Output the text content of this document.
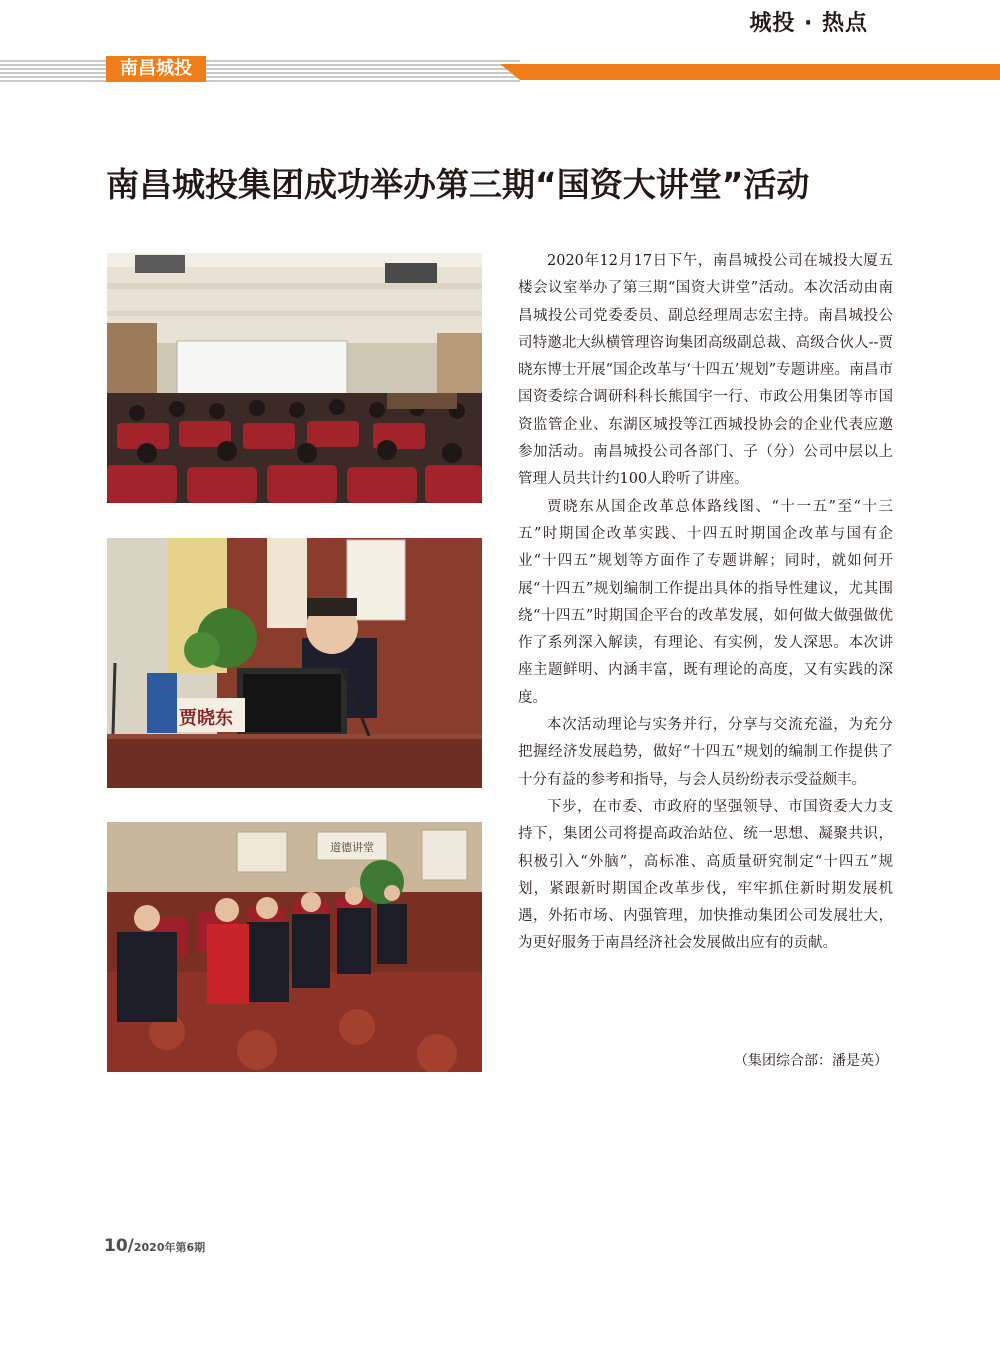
城投 · 热点
南昌城投
南昌城投集团成功举办第三期“国资大讲堂”活动
贾晓东
道德讲堂

2020年12月17日下午，南昌城投公司在城投大厦五楼会议室举办了第三期“国资大讲堂”活动。本次活动由南昌城投公司党委委员、副总经理周志宏主持。南昌城投公司特邀北大纵横管理咨询集团高级副总裁、高级合伙人--贾晓东博士开展“国企改革与‘十四五’规划”专题讲座。南昌市国资委综合调研科科长熊国宇一行、市政公用集团等市国资监管企业、东湖区城投等江西城投协会的企业代表应邀参加活动。南昌城投公司各部门、子（分）公司中层以上管理人员共计约100人聆听了讲座。

贾晓东从国企改革总体路线图、“十一五”至“十三五”时期国企改革实践、十四五时期国企改革与国有企业“十四五”规划等方面作了专题讲解；同时，就如何开展“十四五”规划编制工作提出具体的指导性建议，尤其围绕“十四五”时期国企平台的改革发展，如何做大做强做优作了系列深入解读，有理论、有实例，发人深思。本次讲座主题鲜明、内涵丰富，既有理论的高度，又有实践的深度。

本次活动理论与实务并行，分享与交流充溢，为充分把握经济发展趋势，做好“十四五”规划的编制工作提供了十分有益的参考和指导，与会人员纷纷表示受益颇丰。

下步，在市委、市政府的坚强领导、市国资委大力支持下，集团公司将提高政治站位、统一思想、凝聚共识，积极引入“外脑”，高标准、高质量研究制定“十四五”规划，紧跟新时期国企改革步伐，牢牢抓住新时期发展机遇，外拓市场、内强管理，加快推动集团公司发展壮大，为更好服务于南昌经济社会发展做出应有的贡献。

（集团综合部：潘是英）
10/2020年第6期
